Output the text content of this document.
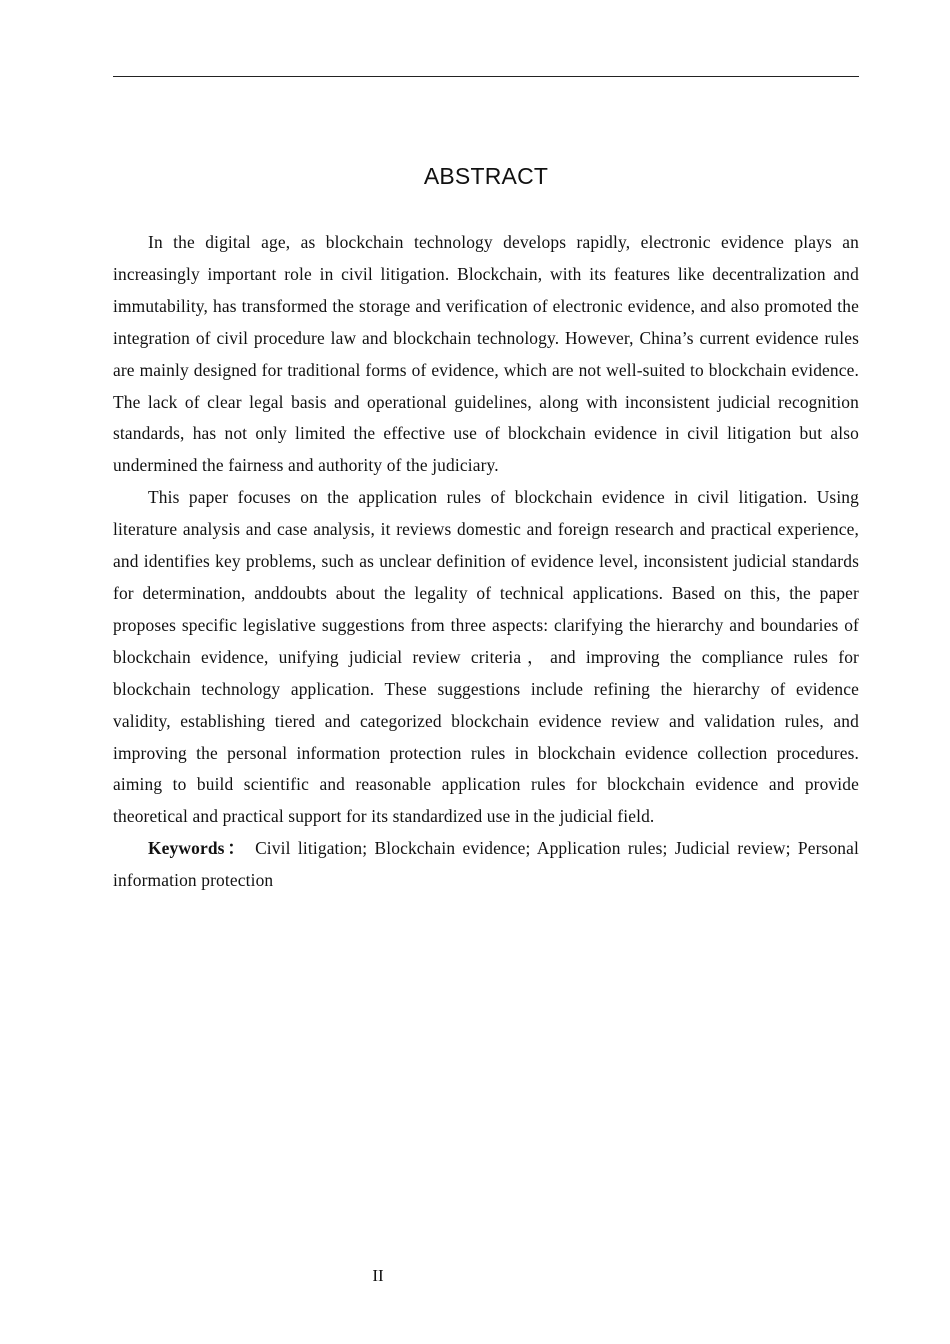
ABSTRACT

In the digital age, as blockchain technology develops rapidly, electronic evidence plays an increasingly important role in civil litigation. Blockchain, with its features like decentralization and immutability, has transformed the storage and verification of electronic evidence, and also promoted the integration of civil procedure law and blockchain technology. However, China’s current evidence rules are mainly designed for traditional forms of evidence, which are not well-suited to blockchain evidence. The lack of clear legal basis and operational guidelines, along with inconsistent judicial recognition standards, has not only limited the effective use of blockchain evidence in civil litigation but also undermined the fairness and authority of the judiciary.

This paper focuses on the application rules of blockchain evidence in civil litigation. Using literature analysis and case analysis, it reviews domestic and foreign research and practical experience, and identifies key problems, such as unclear definition of evidence level, inconsistent judicial standards for determination, anddoubts about the legality of technical applications. Based on this, the paper proposes specific legislative suggestions from three aspects: clarifying the hierarchy and boundaries of blockchain evidence, unifying judicial review criteria，and improving the compliance rules for blockchain technology application. These suggestions include refining the hierarchy of evidence validity, establishing tiered and categorized blockchain evidence review and validation rules, and improving the personal information protection rules in blockchain evidence collection procedures. aiming to build scientific and reasonable application rules for blockchain evidence and provide theoretical and practical support for its standardized use in the judicial field.

Keywords： Civil litigation; Blockchain evidence; Application rules; Judicial review; Personal information protection

II
